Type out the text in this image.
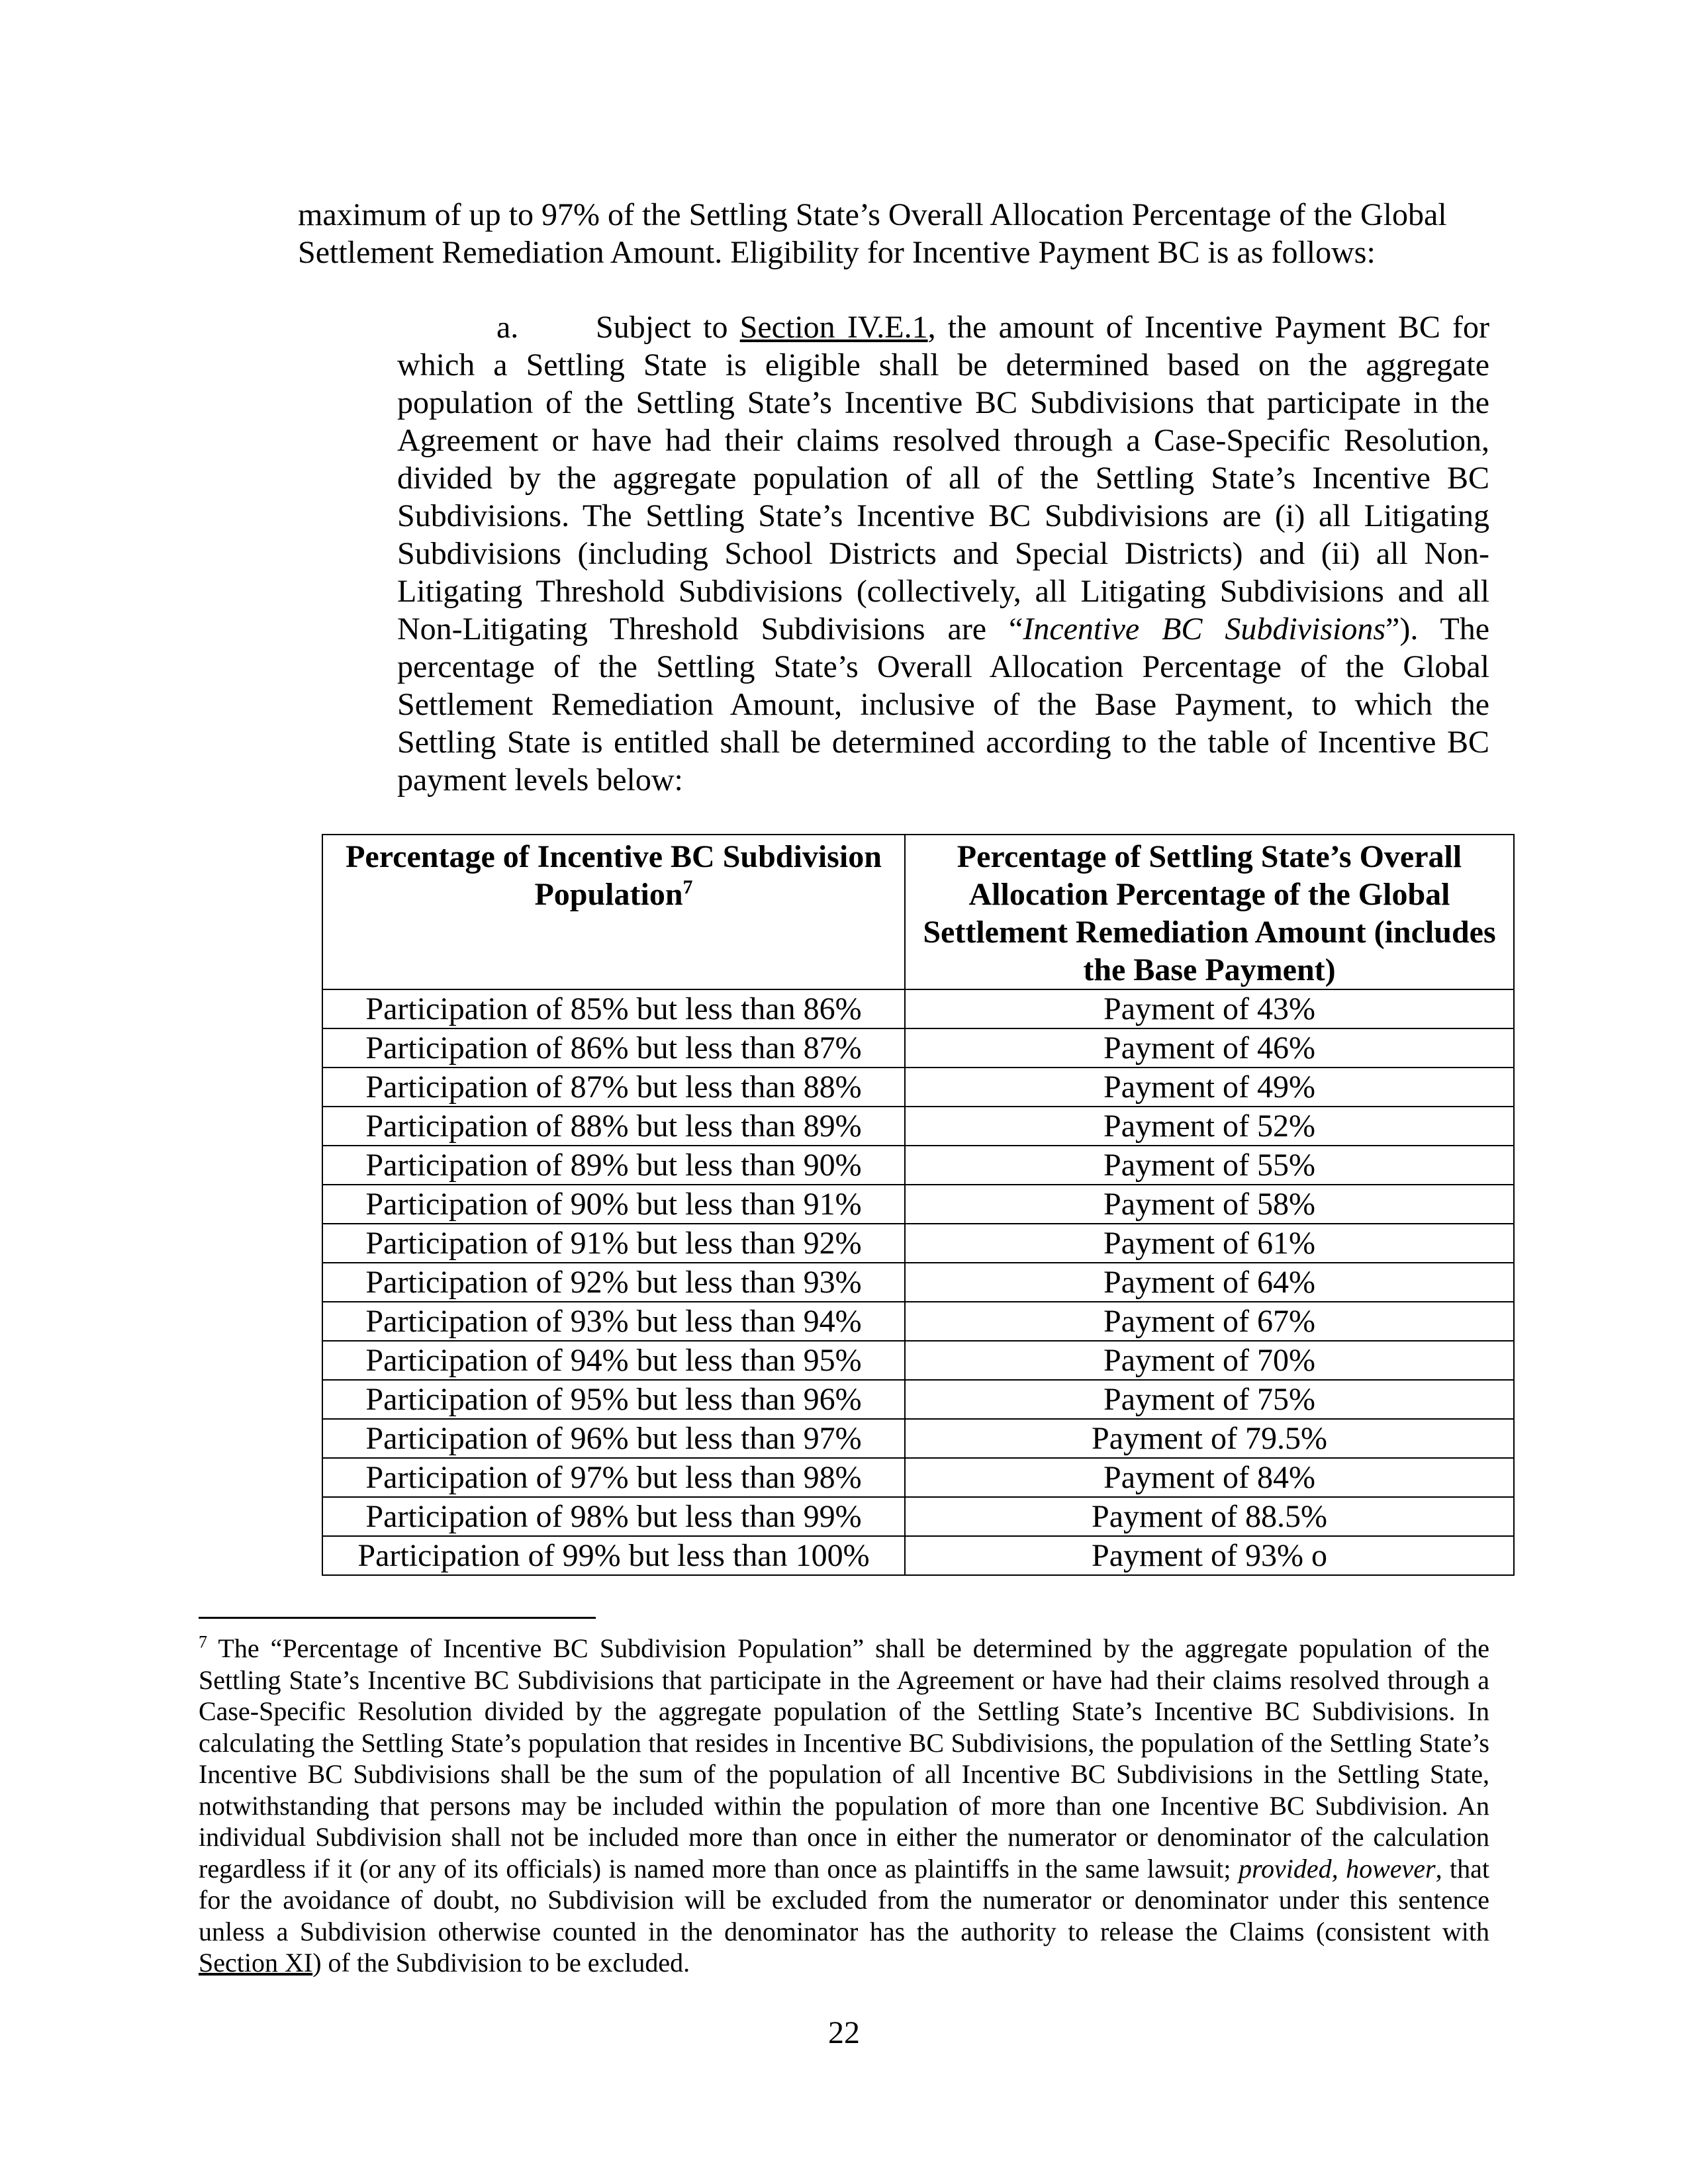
maximum of up to 97% of the Settling State’s Overall Allocation Percentage of the Global
Settlement Remediation Amount. Eligibility for Incentive Payment BC is as follows:

a. Subject to Section IV.E.1, the amount of Incentive Payment BC for which a Settling State is eligible shall be determined based on the aggregate population of the Settling State’s Incentive BC Subdivisions that participate in the Agreement or have had their claims resolved through a Case-Specific Resolution, divided by the aggregate population of all of the Settling State’s Incentive BC Subdivisions. The Settling State’s Incentive BC Subdivisions are (i) all Litigating Subdivisions (including School Districts and Special Districts) and (ii) all Non-Litigating Threshold Subdivisions (collectively, all Litigating Subdivisions and all Non-Litigating Threshold Subdivisions are “Incentive BC Subdivisions”). The percentage of the Settling State’s Overall Allocation Percentage of the Global Settlement Remediation Amount, inclusive of the Base Payment, to which the Settling State is entitled shall be determined according to the table of Incentive BC payment levels below:

Percentage of Incentive BC Subdivision Population$^7$	Percentage of Settling State’s Overall Allocation Percentage of the Global Settlement Remediation Amount (includes the Base Payment)
Participation of 85% but less than 86%	Payment of 43%
Participation of 86% but less than 87%	Payment of 46%
Participation of 87% but less than 88%	Payment of 49%
Participation of 88% but less than 89%	Payment of 52%
Participation of 89% but less than 90%	Payment of 55%
Participation of 90% but less than 91%	Payment of 58%
Participation of 91% but less than 92%	Payment of 61%
Participation of 92% but less than 93%	Payment of 64%
Participation of 93% but less than 94%	Payment of 67%
Participation of 94% but less than 95%	Payment of 70%
Participation of 95% but less than 96%	Payment of 75%
Participation of 96% but less than 97%	Payment of 79.5%
Participation of 97% but less than 98%	Payment of 84%
Participation of 98% but less than 99%	Payment of 88.5%
Participation of 99% but less than 100%	Payment of 93% o

$^7$ The “Percentage of Incentive BC Subdivision Population” shall be determined by the aggregate population of the Settling State’s Incentive BC Subdivisions that participate in the Agreement or have had their claims resolved through a Case-Specific Resolution divided by the aggregate population of the Settling State’s Incentive BC Subdivisions. In calculating the Settling State’s population that resides in Incentive BC Subdivisions, the population of the Settling State’s Incentive BC Subdivisions shall be the sum of the population of all Incentive BC Subdivisions in the Settling State, notwithstanding that persons may be included within the population of more than one Incentive BC Subdivision. An individual Subdivision shall not be included more than once in either the numerator or denominator of the calculation regardless if it (or any of its officials) is named more than once as plaintiffs in the same lawsuit; provided, however, that for the avoidance of doubt, no Subdivision will be excluded from the numerator or denominator under this sentence unless a Subdivision otherwise counted in the denominator has the authority to release the Claims (consistent with Section XI) of the Subdivision to be excluded.

22
